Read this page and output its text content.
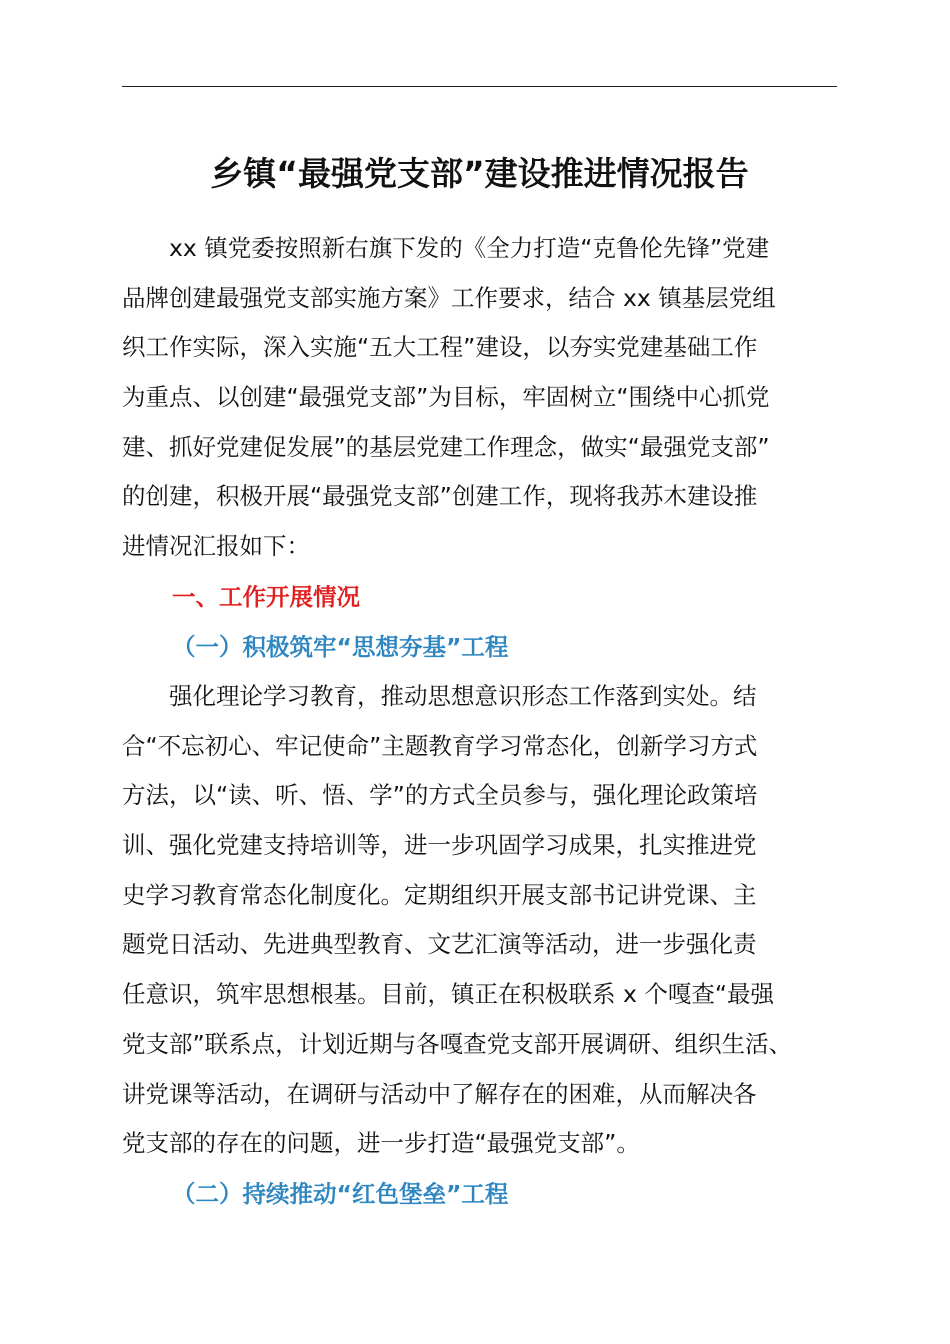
乡镇“最强党支部”建设推进情况报告

　　xx 镇党委按照新右旗下发的《全力打造“克鲁伦先锋”党建
品牌创建最强党支部实施方案》工作要求，结合 xx 镇基层党组
织工作实际，深入实施“五大工程”建设，以夯实党建基础工作
为重点、以创建“最强党支部”为目标，牢固树立“围绕中心抓党
建、抓好党建促发展”的基层党建工作理念，做实“最强党支部”
的创建，积极开展“最强党支部”创建工作，现将我苏木建设推
进情况汇报如下：

一、工作开展情况
（一）积极筑牢“思想夯基”工程

　　强化理论学习教育，推动思想意识形态工作落到实处。结
合“不忘初心、牢记使命”主题教育学习常态化，创新学习方式
方法，以“读、听、悟、学”的方式全员参与，强化理论政策培
训、强化党建支持培训等，进一步巩固学习成果，扎实推进党
史学习教育常态化制度化。定期组织开展支部书记讲党课、主
题党日活动、先进典型教育、文艺汇演等活动，进一步强化责
任意识，筑牢思想根基。目前，镇正在积极联系 x 个嘎查“最强
党支部”联系点，计划近期与各嘎查党支部开展调研、组织生活、
讲党课等活动，在调研与活动中了解存在的困难，从而解决各
党支部的存在的问题，进一步打造“最强党支部”。

（二）持续推动“红色堡垒”工程
